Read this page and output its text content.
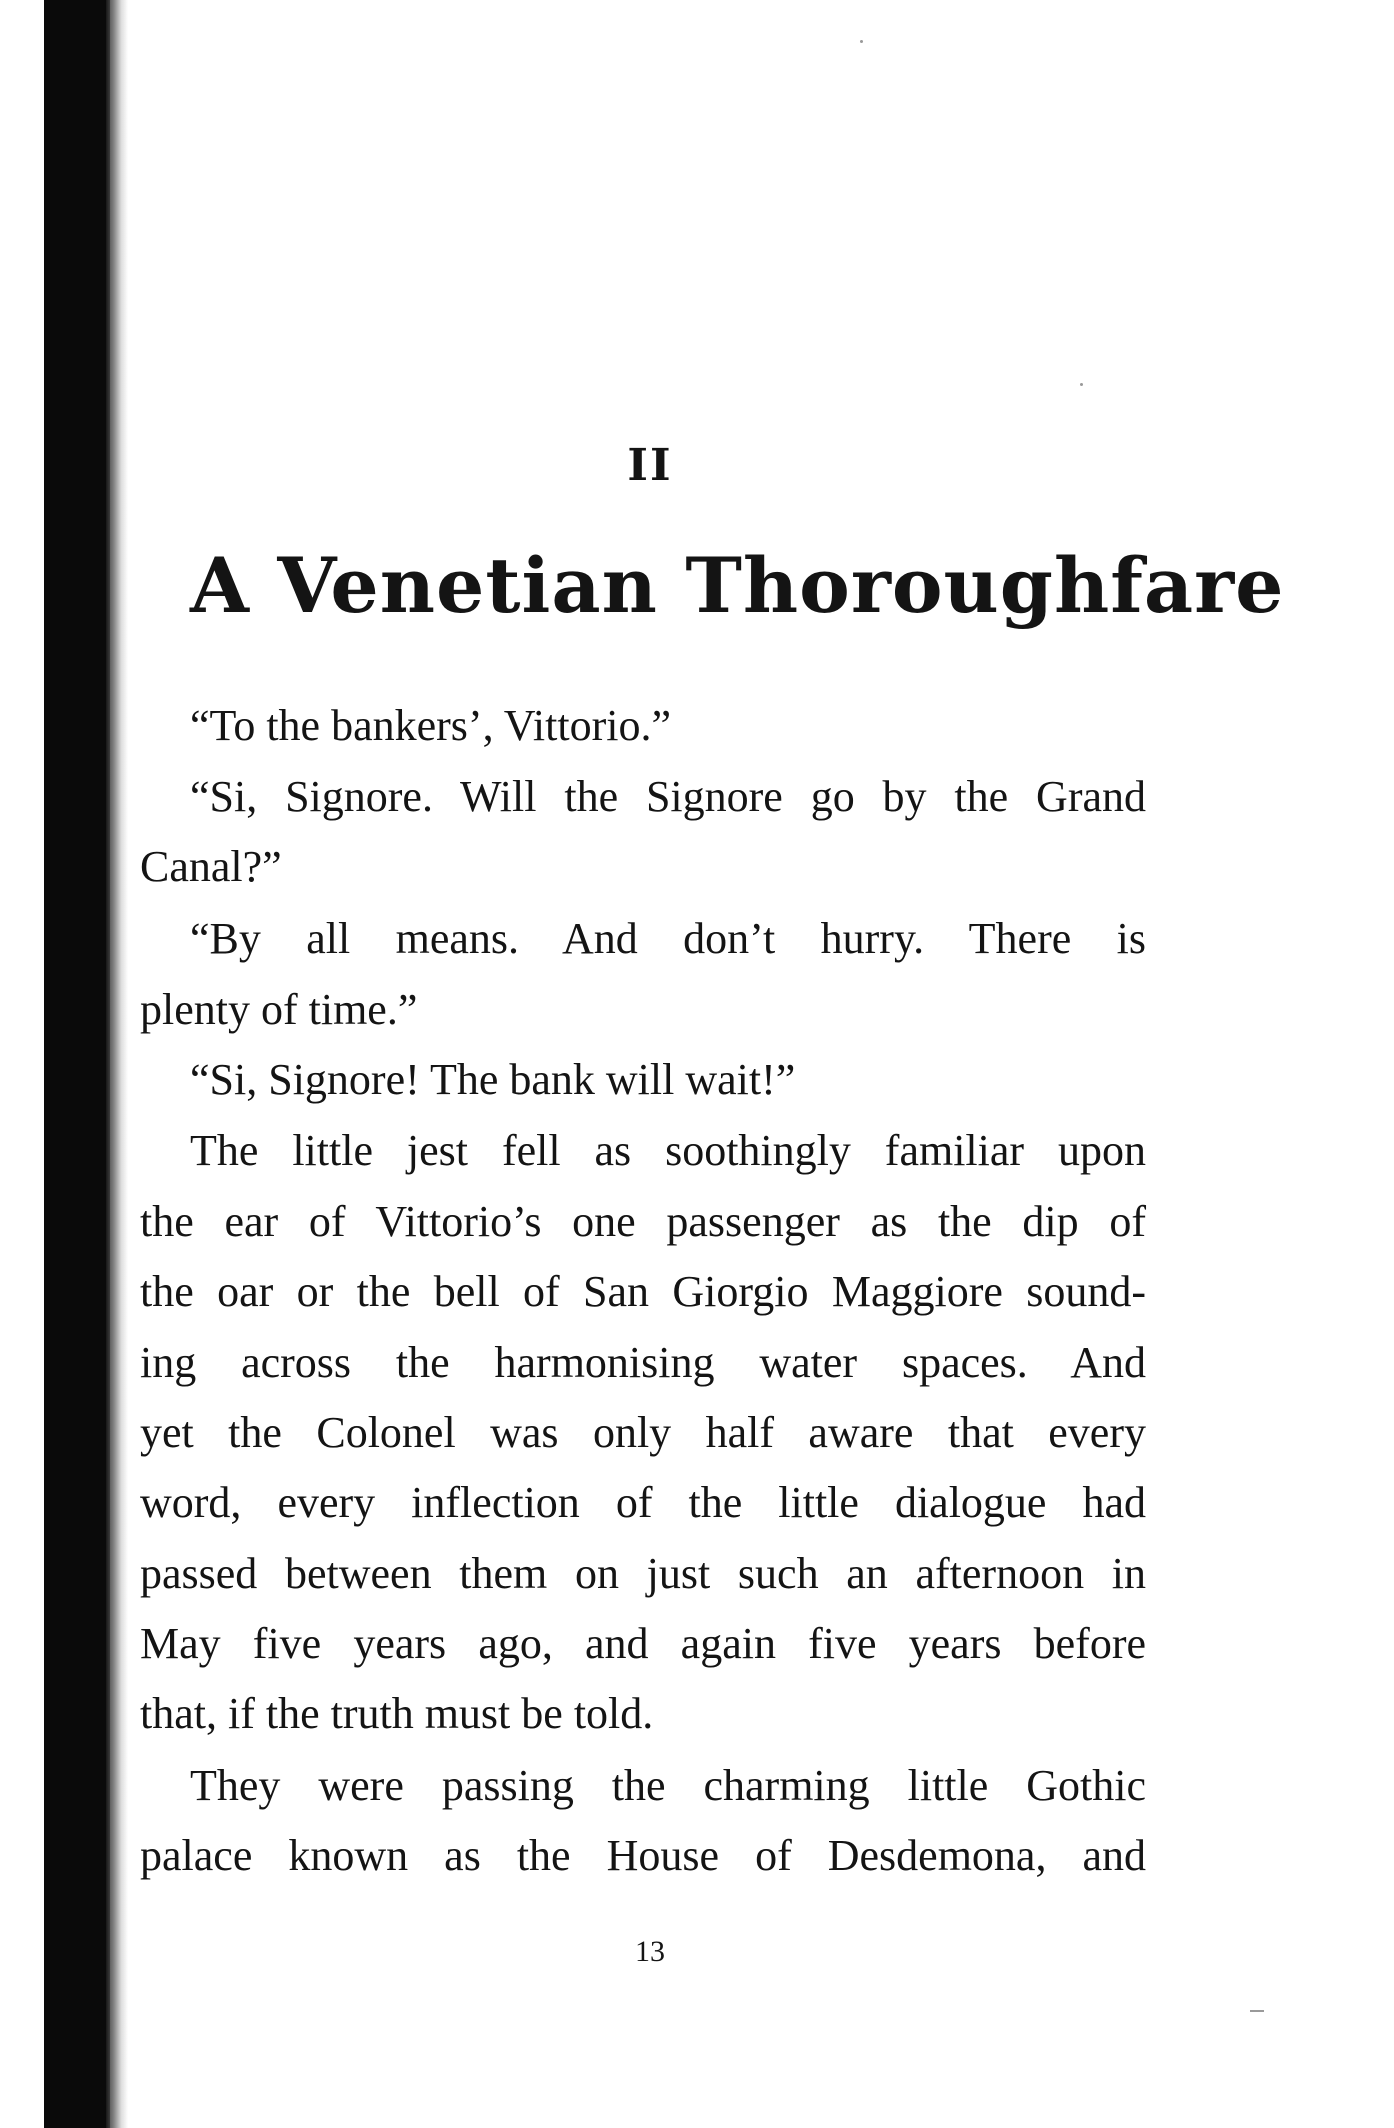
II
A Venetian Thoroughfare
“To the bankers’, Vittorio.”
“Si, Signore. Will the Signore go by the Grand
Canal?”
“By all means. And don’t hurry. There is
plenty of time.”
“Si, Signore! The bank will wait!”
The little jest fell as soothingly familiar upon
the ear of Vittorio’s one passenger as the dip of
the oar or the bell of San Giorgio Maggiore sound-
ing across the harmonising water spaces. And
yet the Colonel was only half aware that every
word, every inflection of the little dialogue had
passed between them on just such an afternoon in
May five years ago, and again five years before
that, if the truth must be told.
They were passing the charming little Gothic
palace known as the House of Desdemona, and
13
